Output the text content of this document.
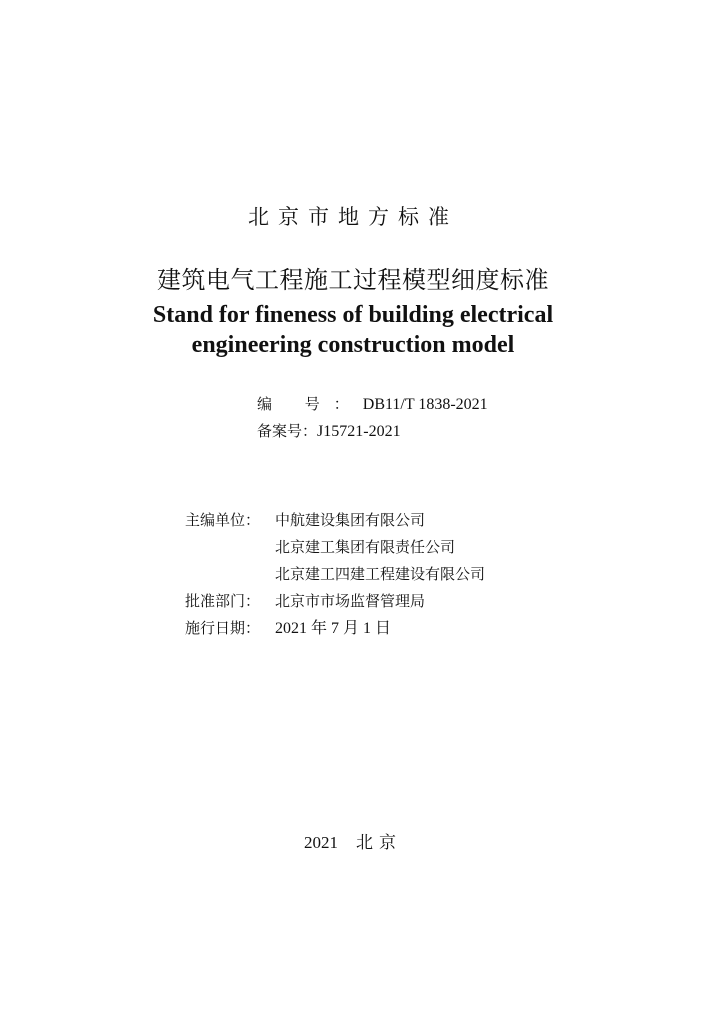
北京市地方标准
建筑电气工程施工过程模型细度标准
Stand for fineness of building electrical
engineering construction model
编 号：DB11/T 1838-2021
备案号：J15721-2021
主编单位： 中航建设集团有限公司
北京建工集团有限责任公司
北京建工四建工程建设有限公司
批准部门： 北京市市场监督管理局
施行日期： 2021 年 7 月 1 日
2021 北京
